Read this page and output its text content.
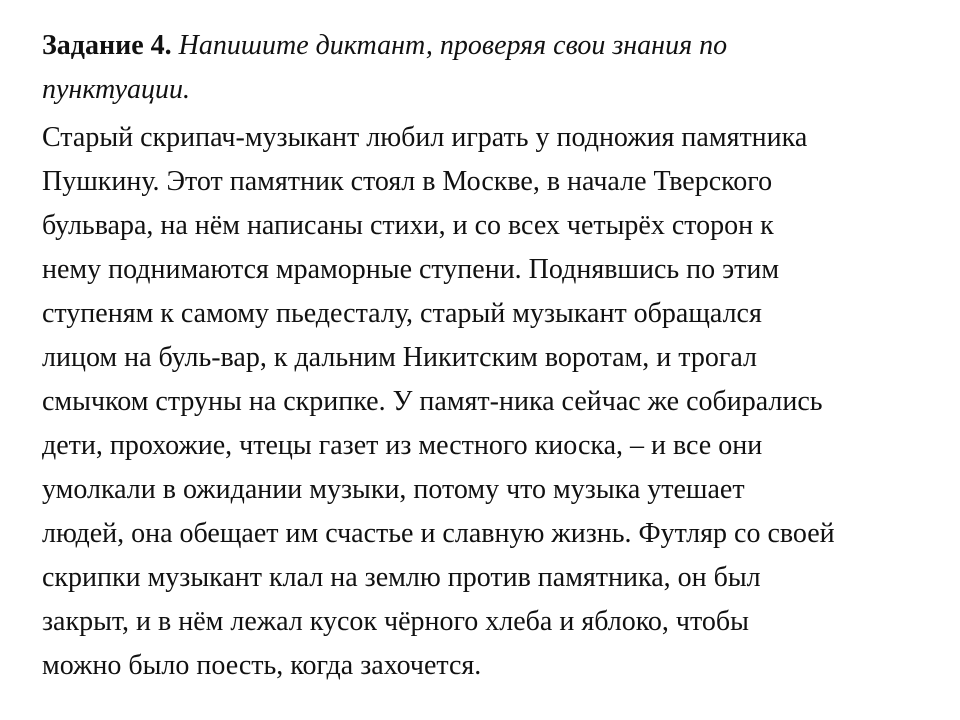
Задание 4. Напишите диктант, проверяя свои знания по
пунктуации.

Старый скрипач-музыкант любил играть у подножия памятника

Пушкину. Этот памятник стоял в Москве, в начале Тверского

бульвара, на нём написаны стихи, и со всех четырёх сторон к

нему поднимаются мраморные ступени. Поднявшись по этим

ступеням к самому пьедесталу, старый музыкант обращался

лицом на буль-вар, к дальним Никитским воротам, и трогал

смычком струны на скрипке. У памят-ника сейчас же собирались

дети, прохожие, чтецы газет из местного киоска, – и все они

умолкали в ожидании музыки, потому что музыка утешает

людей, она обещает им счастье и славную жизнь. Футляр со своей

скрипки музыкант клал на землю против памятника, он был

закрыт, и в нём лежал кусок чёрного хлеба и яблоко, чтобы

можно было поесть, когда захочется.
